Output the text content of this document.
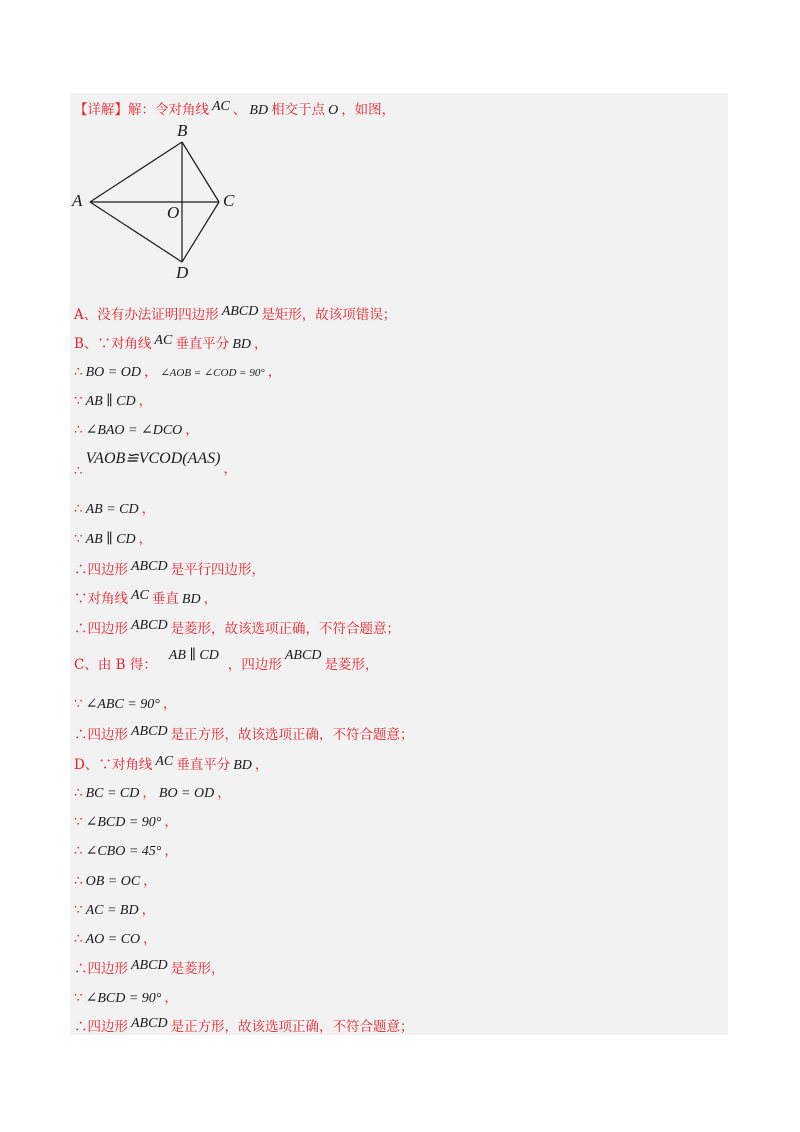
【详解】解：令对角线 AC 、 BD 相交于点 O ，如图，
A
B
C
D
O
A、没有办法证明四边形 ABCD 是矩形，故该项错误；
B、∵对角线 AC 垂直平分 BD ，
∴ BO = OD ， ∠AOB = ∠COD = 90° ，
∵ AB ∥ CD ，
∴ ∠BAO = ∠DCO ，
∴VAOB≌VCOD(AAS)，
∴ AB = CD ，
∵ AB ∥ CD ，
∴四边形 ABCD 是平行四边形，
∵对角线 AC 垂直 BD ，
∴四边形 ABCD 是菱形，故该选项正确，不符合题意；
C、由 B 得：AB ∥ CD，四边形ABCD是菱形，
∵ ∠ABC = 90° ，
∴四边形 ABCD 是正方形，故该选项正确，不符合题意；
D、∵对角线 AC 垂直平分 BD ，
∴ BC = CD ， BO = OD ，
∵ ∠BCD = 90° ，
∴ ∠CBO = 45° ，
∴ OB = OC ，
∵ AC = BD ，
∴ AO = CO ，
∴四边形 ABCD 是菱形，
∵ ∠BCD = 90° ，
∴四边形 ABCD 是正方形，故该选项正确，不符合题意；
